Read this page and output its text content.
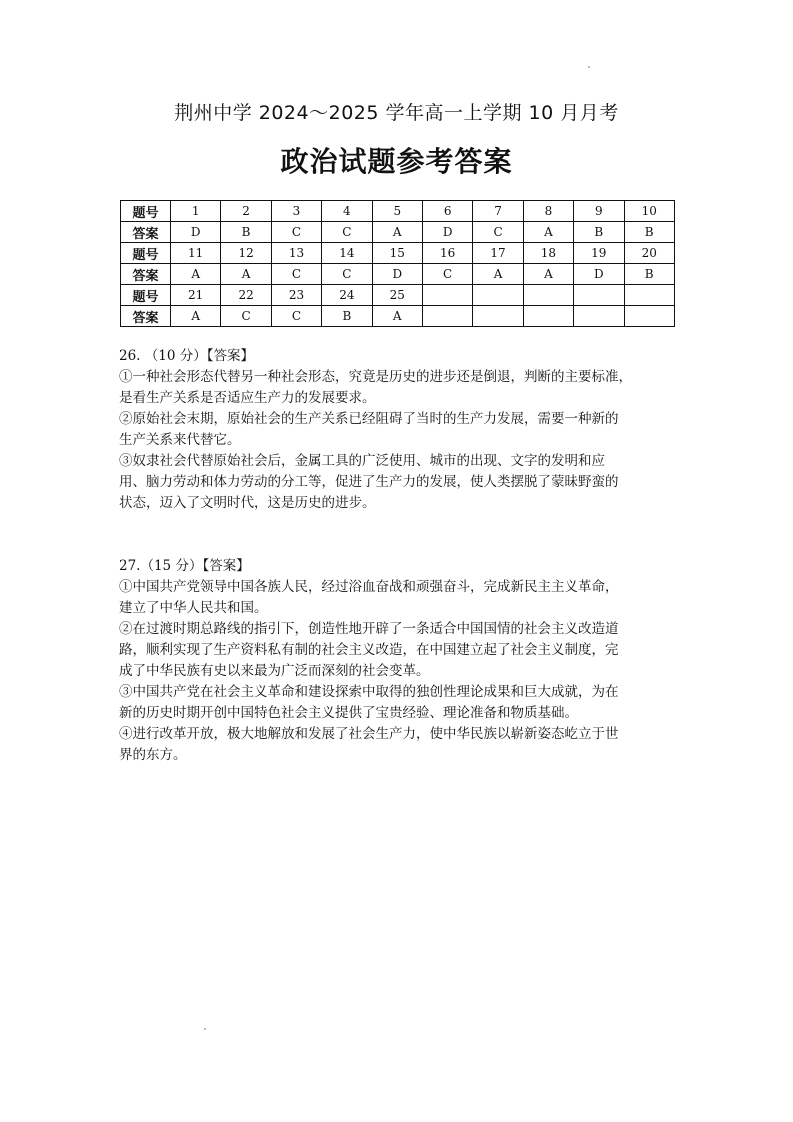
荆州中学 2024～2025 学年高一上学期 10 月月考
政治试题参考答案
题号	1	2	3	4	5	6	7	8	9	10
答案	D	B	C	C	A	D	C	A	B	B
题号	11	12	13	14	15	16	17	18	19	20
答案	A	A	C	C	D	C	A	A	D	B
题号	21	22	23	24	25					
答案	A	C	C	B	A					

26. （10 分）【答案】

①一种社会形态代替另一种社会形态，究竟是历史的进步还是倒退，判断的主要标准，

是看生产关系是否适应生产力的发展要求。

②原始社会末期，原始社会的生产关系已经阻碍了当时的生产力发展，需要一种新的

生产关系来代替它。

③奴隶社会代替原始社会后，金属工具的广泛使用、城市的出现、文字的发明和应

用、脑力劳动和体力劳动的分工等，促进了生产力的发展，使人类摆脱了蒙昧野蛮的

状态，迈入了文明时代，这是历史的进步。

27.（15 分）【答案】

①中国共产党领导中国各族人民，经过浴血奋战和顽强奋斗，完成新民主主义革命，

建立了中华人民共和国。

②在过渡时期总路线的指引下，创造性地开辟了一条适合中国国情的社会主义改造道

路，顺利实现了生产资料私有制的社会主义改造，在中国建立起了社会主义制度，完

成了中华民族有史以来最为广泛而深刻的社会变革。

③中国共产党在社会主义革命和建设探索中取得的独创性理论成果和巨大成就，为在

新的历史时期开创中国特色社会主义提供了宝贵经验、理论准备和物质基础。

④进行改革开放，极大地解放和发展了社会生产力，使中华民族以崭新姿态屹立于世

界的东方。
